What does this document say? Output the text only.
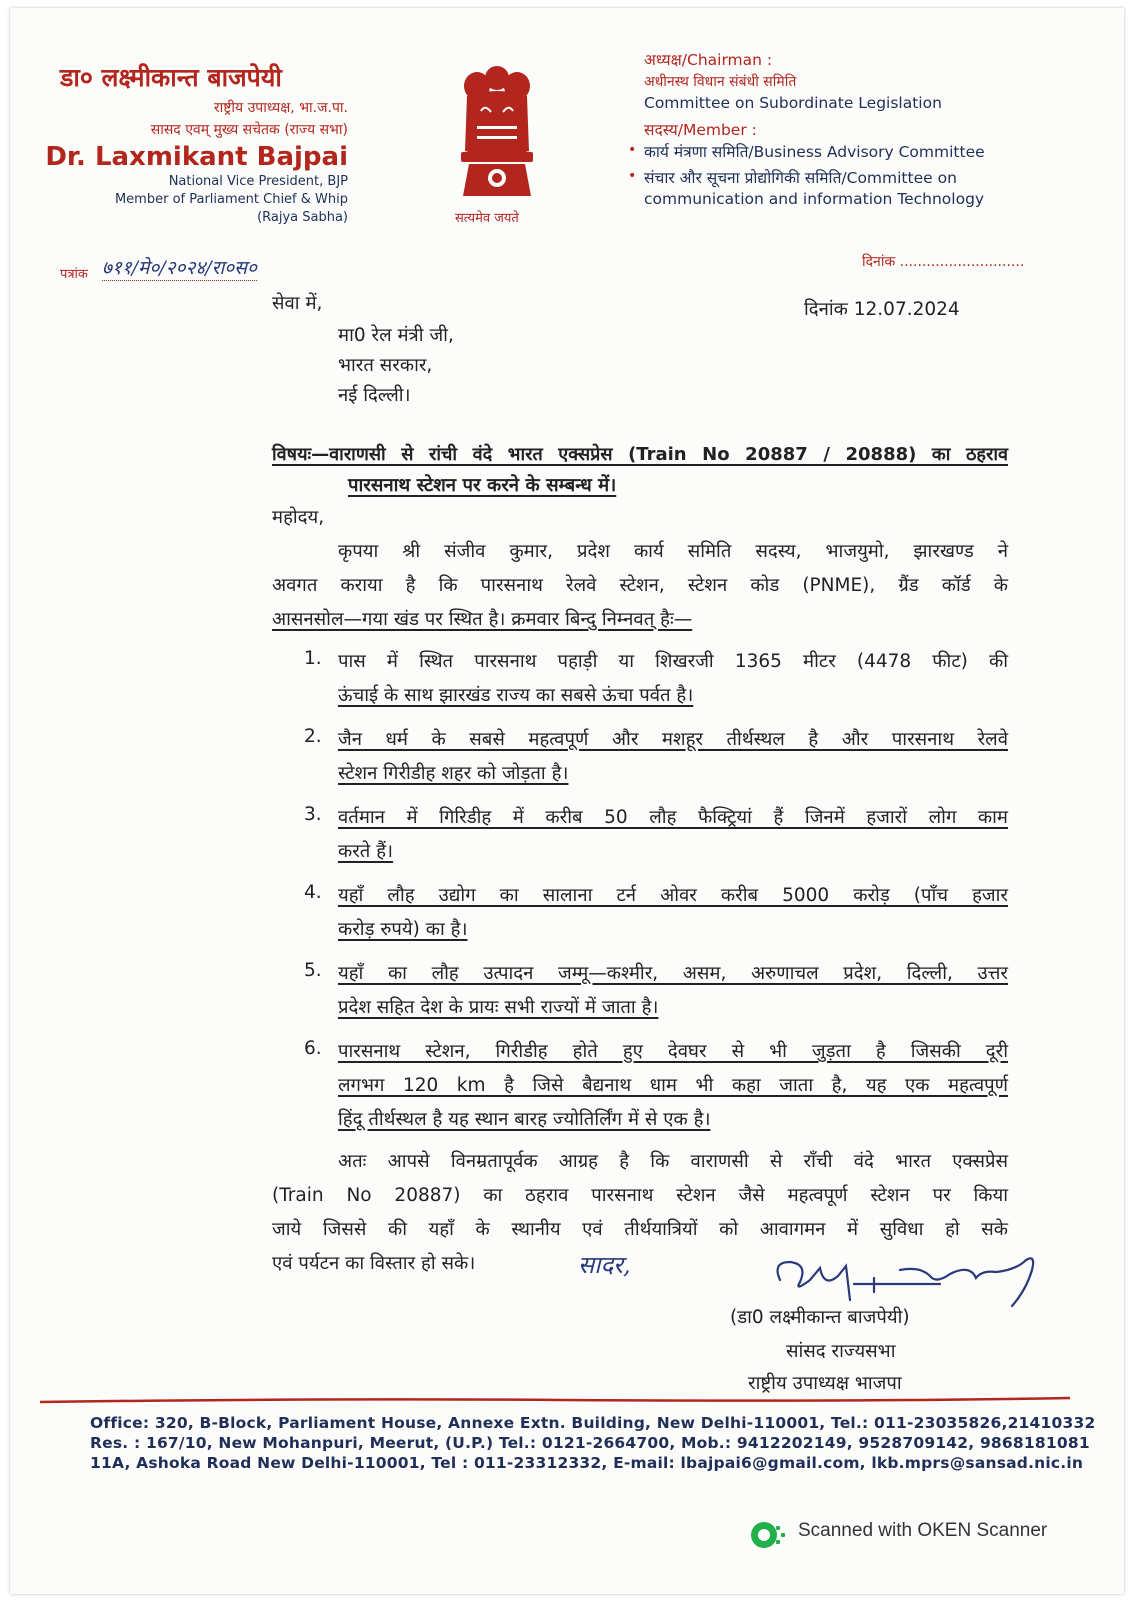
डा० लक्ष्मीकान्त बाजपेयी
राष्ट्रीय उपाध्यक्ष, भा.ज.पा.
सासद एवम् मुख्य सचेतक (राज्य सभा)
Dr. Laxmikant Bajpai
National Vice President, BJP
Member of Parliament Chief & Whip
(Rajya Sabha)	सत्यमेव जयते
अध्यक्ष/Chairman :
अधीनस्थ विधान संबंधी समिति
Committee on Subordinate Legislation
सदस्य/Member :
• कार्य मंत्रणा समिति/Business Advisory Committee
• संचार और सूचना प्रोद्योगिकी समिति/Committee on
communication and information Technology
पत्रांक ७११/मे०/२०२४/रा०स०	दिनांक ............................
सेवा में,	दिनांक 12.07.2024
मा0 रेल मंत्री जी,
भारत सरकार,
नई दिल्ली।
विषयः—वाराणसी से रांची वंदे भारत एक्सप्रेस (Train No 20887 / 20888) का ठहराव
पारसनाथ स्टेशन पर करने के सम्बन्ध में।
महोदय,
कृपया श्री संजीव कुमार, प्रदेश कार्य समिति सदस्य, भाजयुमो, झारखण्ड ने
अवगत कराया है कि पारसनाथ रेलवे स्टेशन, स्टेशन कोड (PNME), ग्रैंड कॉर्ड के
आसनसोल—गया खंड पर स्थित है। क्रमवार बिन्दु निम्नवत् हैः—
1. पास में स्थित पारसनाथ पहाड़ी या शिखरजी 1365 मीटर (4478 फीट) की
ऊंचाई के साथ झारखंड राज्य का सबसे ऊंचा पर्वत है।
2. जैन धर्म के सबसे महत्वपूर्ण और मशहूर तीर्थस्थल है और पारसनाथ रेलवे
स्टेशन गिरीडीह शहर को जोड़ता है।
3. वर्तमान में गिरिडीह में करीब 50 लौह फैक्ट्रियां हैं जिनमें हजारों लोग काम
करते हैं।
4. यहाँ लौह उद्योग का सालाना टर्न ओवर करीब 5000 करोड़ (पाँच हजार
करोड़ रुपये) का है।
5. यहाँ का लौह उत्पादन जम्मू—कश्मीर, असम, अरुणाचल प्रदेश, दिल्ली, उत्तर
प्रदेश सहित देश के प्रायः सभी राज्यों में जाता है।
6. पारसनाथ स्टेशन, गिरीडीह होते हुए देवघर से भी जुड़ता है जिसकी दूरी
लगभग 120 km है जिसे बैद्यनाथ धाम भी कहा जाता है, यह एक महत्वपूर्ण
हिंदू तीर्थस्थल है यह स्थान बारह ज्योतिर्लिंग में से एक है।
अतः आपसे विनम्रतापूर्वक आग्रह है कि वाराणसी से राँची वंदे भारत एक्सप्रेस
(Train No 20887) का ठहराव पारसनाथ स्टेशन जैसे महत्वपूर्ण स्टेशन पर किया
जाये जिससे की यहाँ के स्थानीय एवं तीर्थयात्रियों को आवागमन में सुविधा हो सके
एवं पर्यटन का विस्तार हो सके।	सादर,
(डा0 लक्ष्मीकान्त बाजपेयी)
सांसद राज्यसभा
राष्ट्रीय उपाध्यक्ष भाजपा
Office: 320, B-Block, Parliament House, Annexe Extn. Building, New Delhi-110001, Tel.: 011-23035826,21410332
Res. : 167/10, New Mohanpuri, Meerut, (U.P.) Tel.: 0121-2664700, Mob.: 9412202149, 9528709142, 9868181081
11A, Ashoka Road New Delhi-110001, Tel : 011-23312332, E-mail: lbajpai6@gmail.com, lkb.mprs@sansad.nic.in
Scanned with OKEN Scanner
